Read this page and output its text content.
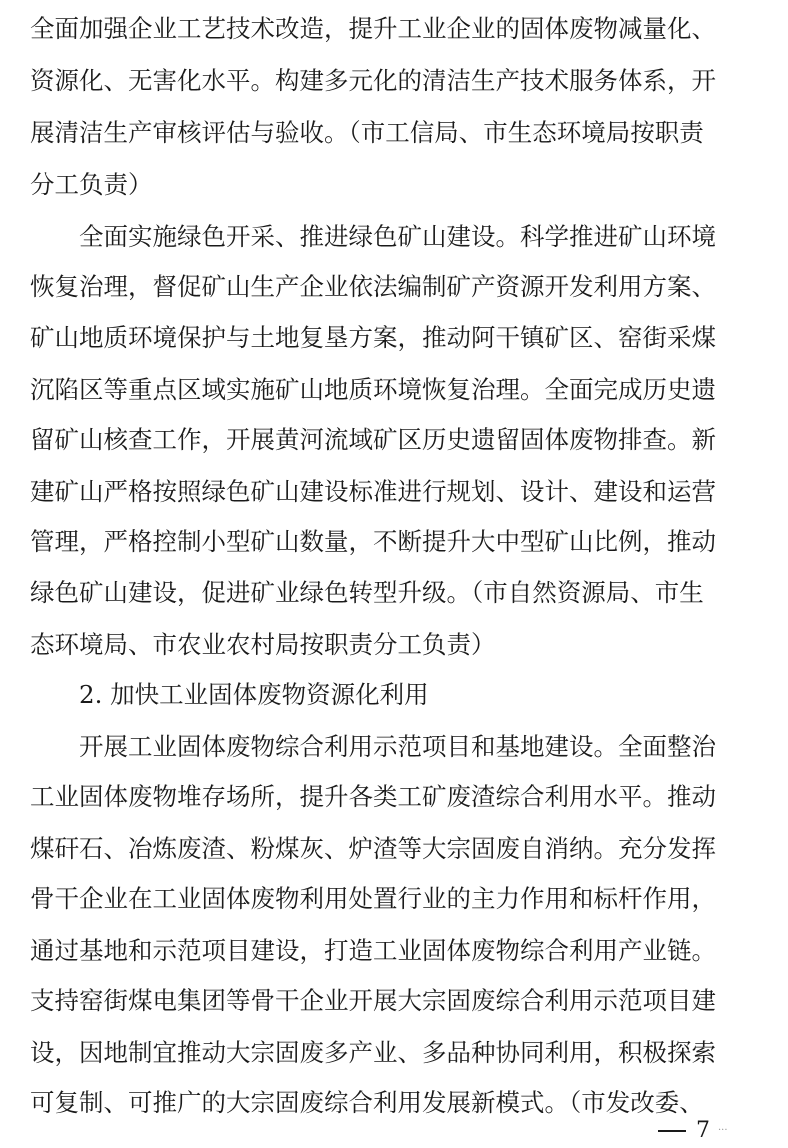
全面加强企业工艺技术改造，提升工业企业的固体废物减量化、
资源化、无害化水平。构建多元化的清洁生产技术服务体系，开
展清洁生产审核评估与验收。（市工信局、市生态环境局按职责
分工负责）
　　全面实施绿色开采、推进绿色矿山建设。科学推进矿山环境
恢复治理，督促矿山生产企业依法编制矿产资源开发利用方案、
矿山地质环境保护与土地复垦方案，推动阿干镇矿区、窑街采煤
沉陷区等重点区域实施矿山地质环境恢复治理。全面完成历史遗
留矿山核查工作，开展黄河流域矿区历史遗留固体废物排查。新
建矿山严格按照绿色矿山建设标准进行规划、设计、建设和运营
管理，严格控制小型矿山数量，不断提升大中型矿山比例，推动
绿色矿山建设，促进矿业绿色转型升级。（市自然资源局、市生
态环境局、市农业农村局按职责分工负责）
　　2. 加快工业固体废物资源化利用
　　开展工业固体废物综合利用示范项目和基地建设。全面整治
工业固体废物堆存场所，提升各类工矿废渣综合利用水平。推动
煤矸石、冶炼废渣、粉煤灰、炉渣等大宗固废自消纳。充分发挥
骨干企业在工业固体废物利用处置行业的主力作用和标杆作用，
通过基地和示范项目建设，打造工业固体废物综合利用产业链。
支持窑街煤电集团等骨干企业开展大宗固废综合利用示范项目建
设，因地制宜推动大宗固废多产业、多品种协同利用，积极探索
可复制、可推广的大宗固废综合利用发展新模式。（市发改委、
7 ···
